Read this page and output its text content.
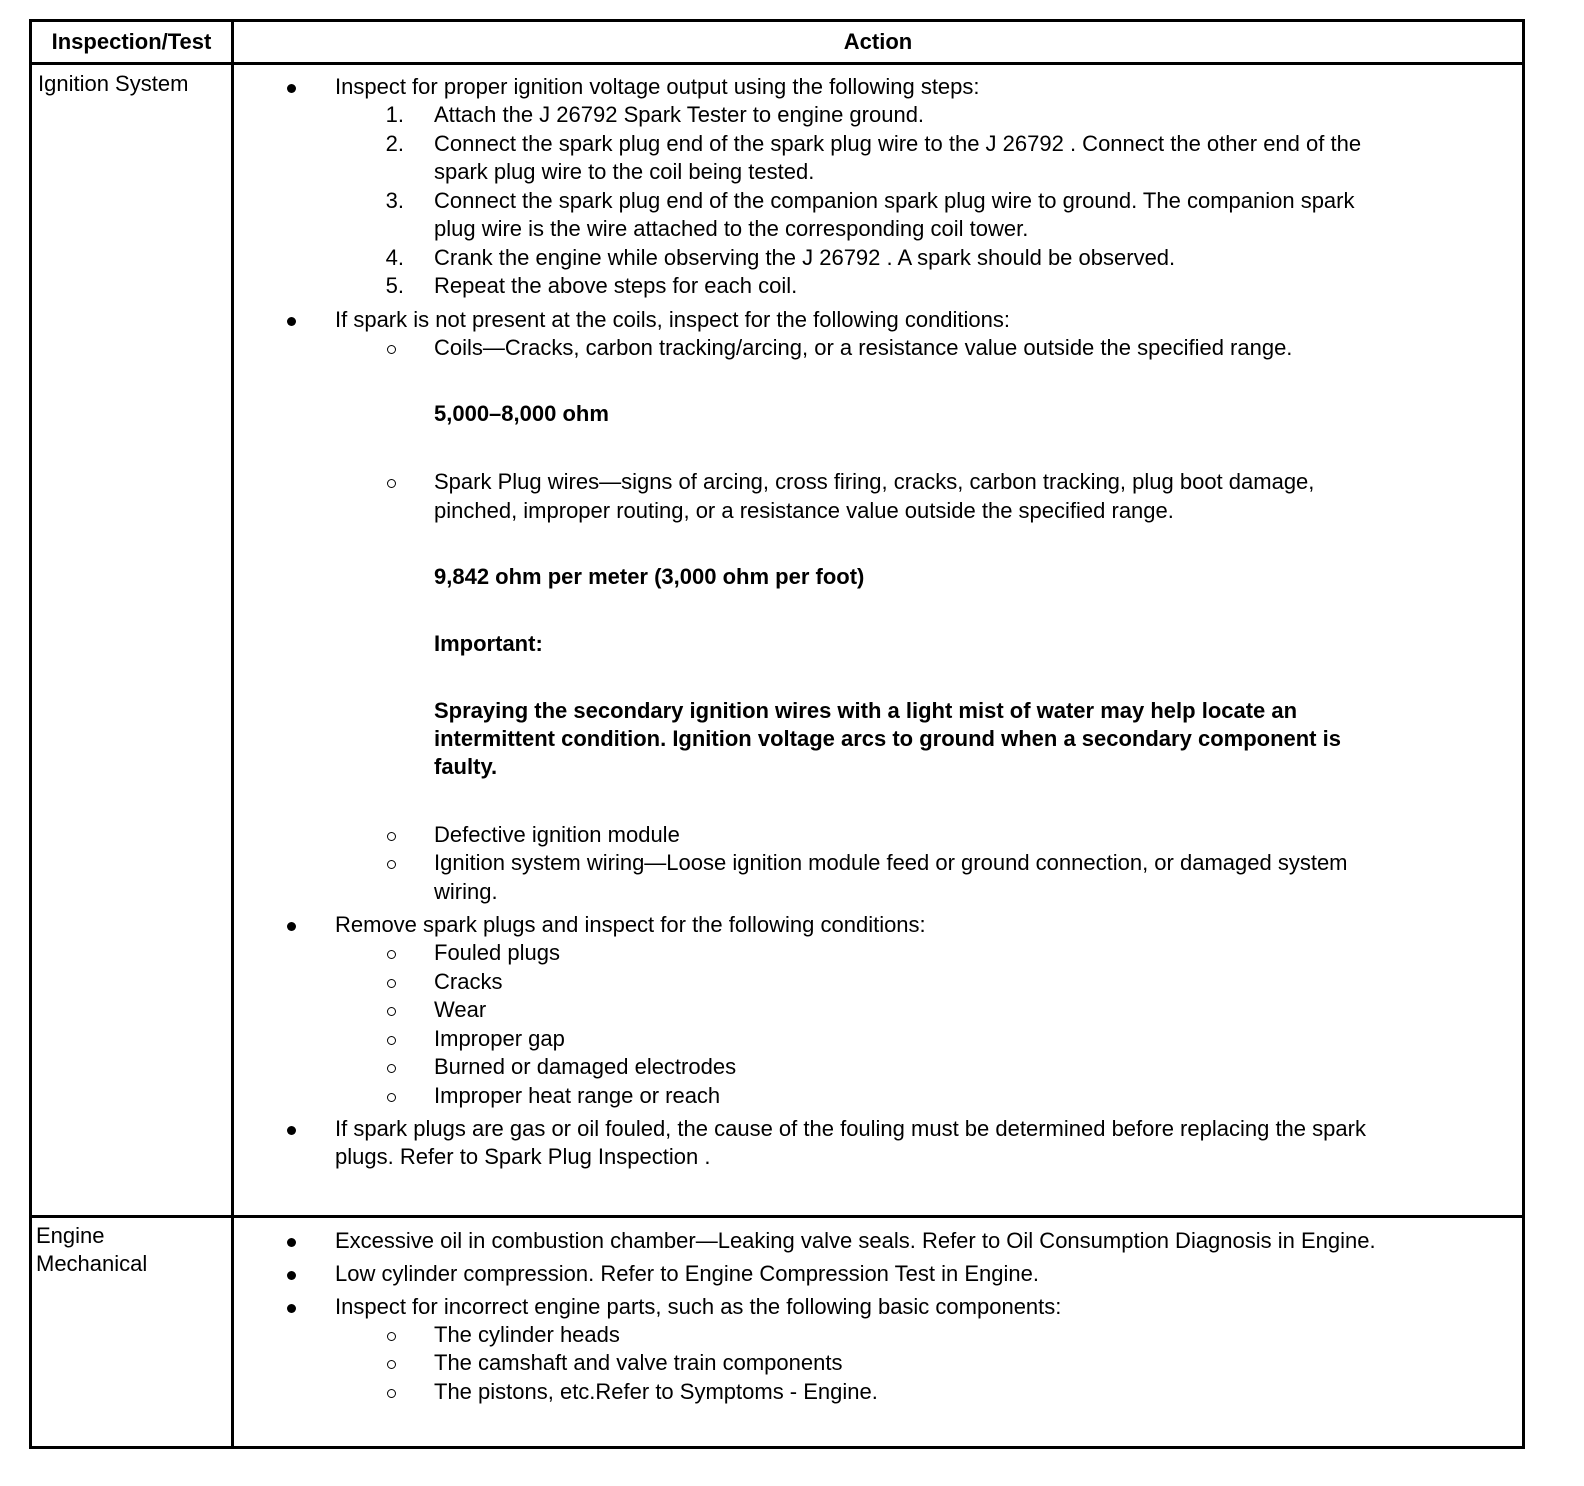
Inspection/Test	Action
Ignition System	Inspect for proper ignition voltage output using the following steps:
1. Attach the J 26792 Spark Tester to engine ground.
2. Connect the spark plug end of the spark plug wire to the J 26792 . Connect the other end of the
spark plug wire to the coil being tested.
3. Connect the spark plug end of the companion spark plug wire to ground. The companion spark
plug wire is the wire attached to the corresponding coil tower.
4. Crank the engine while observing the J 26792 . A spark should be observed.
5. Repeat the above steps for each coil.
If spark is not present at the coils, inspect for the following conditions:
Coils—Cracks, carbon tracking/arcing, or a resistance value outside the specified range.
5,000–8,000 ohm
Spark Plug wires—signs of arcing, cross firing, cracks, carbon tracking, plug boot damage,
pinched, improper routing, or a resistance value outside the specified range.
9,842 ohm per meter (3,000 ohm per foot)
Important:
Spraying the secondary ignition wires with a light mist of water may help locate an
intermittent condition. Ignition voltage arcs to ground when a secondary component is
faulty.
Defective ignition module
Ignition system wiring—Loose ignition module feed or ground connection, or damaged system
wiring.
Remove spark plugs and inspect for the following conditions:
Fouled plugs
Cracks
Wear
Improper gap
Burned or damaged electrodes
Improper heat range or reach
If spark plugs are gas or oil fouled, the cause of the fouling must be determined before replacing the spark
plugs. Refer to Spark Plug Inspection .
Engine
Mechanical
Excessive oil in combustion chamber—Leaking valve seals. Refer to Oil Consumption Diagnosis in Engine.
Low cylinder compression. Refer to Engine Compression Test in Engine.
Inspect for incorrect engine parts, such as the following basic components:
The cylinder heads
The camshaft and valve train components
The pistons, etc.Refer to Symptoms - Engine.
